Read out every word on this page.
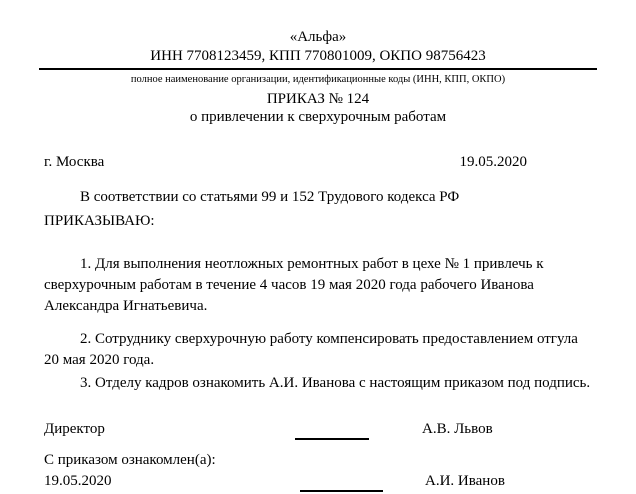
«Альфа»
ИНН 7708123459, КПП 770801009, ОКПО 98756423
полное наименование организации, идентификационные коды (ИНН, КПП, ОКПО)
ПРИКАЗ № 124
о привлечении к сверхурочным работам
г. Москва	19.05.2020

В соответствии со статьями 99 и 152 Трудового кодекса РФ

ПРИКАЗЫВАЮ:

1. Для выполнения неотложных ремонтных работ в цехе № 1 привлечь к сверхурочным работам в течение 4 часов 19 мая 2020 года рабочего Иванова Александра Игнатьевича.

2. Сотруднику сверхурочную работу компенсировать предоставлением отгула 20 мая 2020 года.

3. Отделу кадров ознакомить А.И. Иванова с настоящим приказом под подпись.

Директор	А.В. Львов
С приказом ознакомлен(а):
19.05.2020	А.И. Иванов
